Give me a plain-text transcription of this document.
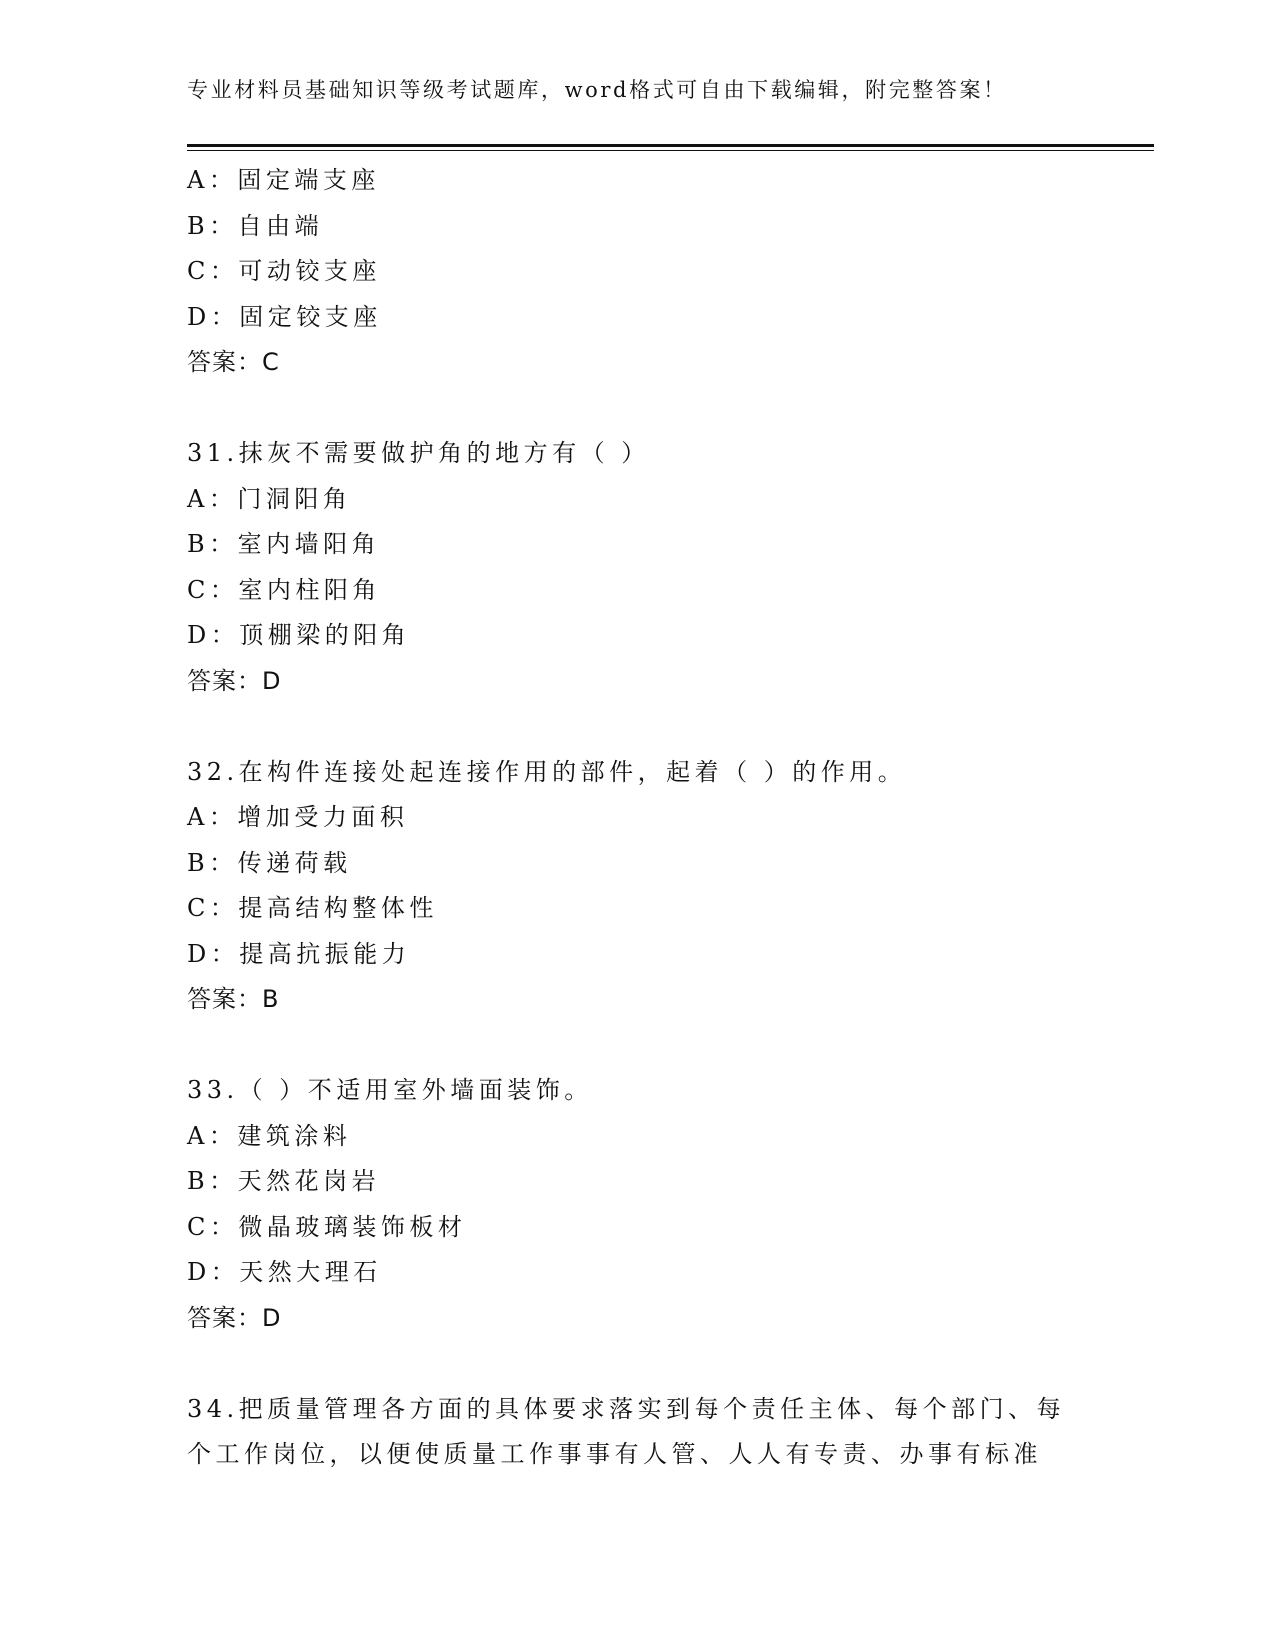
专业材料员基础知识等级考试题库，word格式可自由下载编辑，附完整答案！
A：固定端支座
B：自由端
C：可动铰支座
D：固定铰支座
答案：C
31.抹灰不需要做护角的地方有（ ）
A：门洞阳角
B：室内墙阳角
C：室内柱阳角
D：顶棚梁的阳角
答案：D
32.在构件连接处起连接作用的部件，起着（ ）的作用。
A：增加受力面积
B：传递荷载
C：提高结构整体性
D：提高抗振能力
答案：B
33.（ ）不适用室外墙面装饰。
A：建筑涂料
B：天然花岗岩
C：微晶玻璃装饰板材
D：天然大理石
答案：D
34.把质量管理各方面的具体要求落实到每个责任主体、每个部门、每
个工作岗位，以便使质量工作事事有人管、人人有专责、办事有标准
